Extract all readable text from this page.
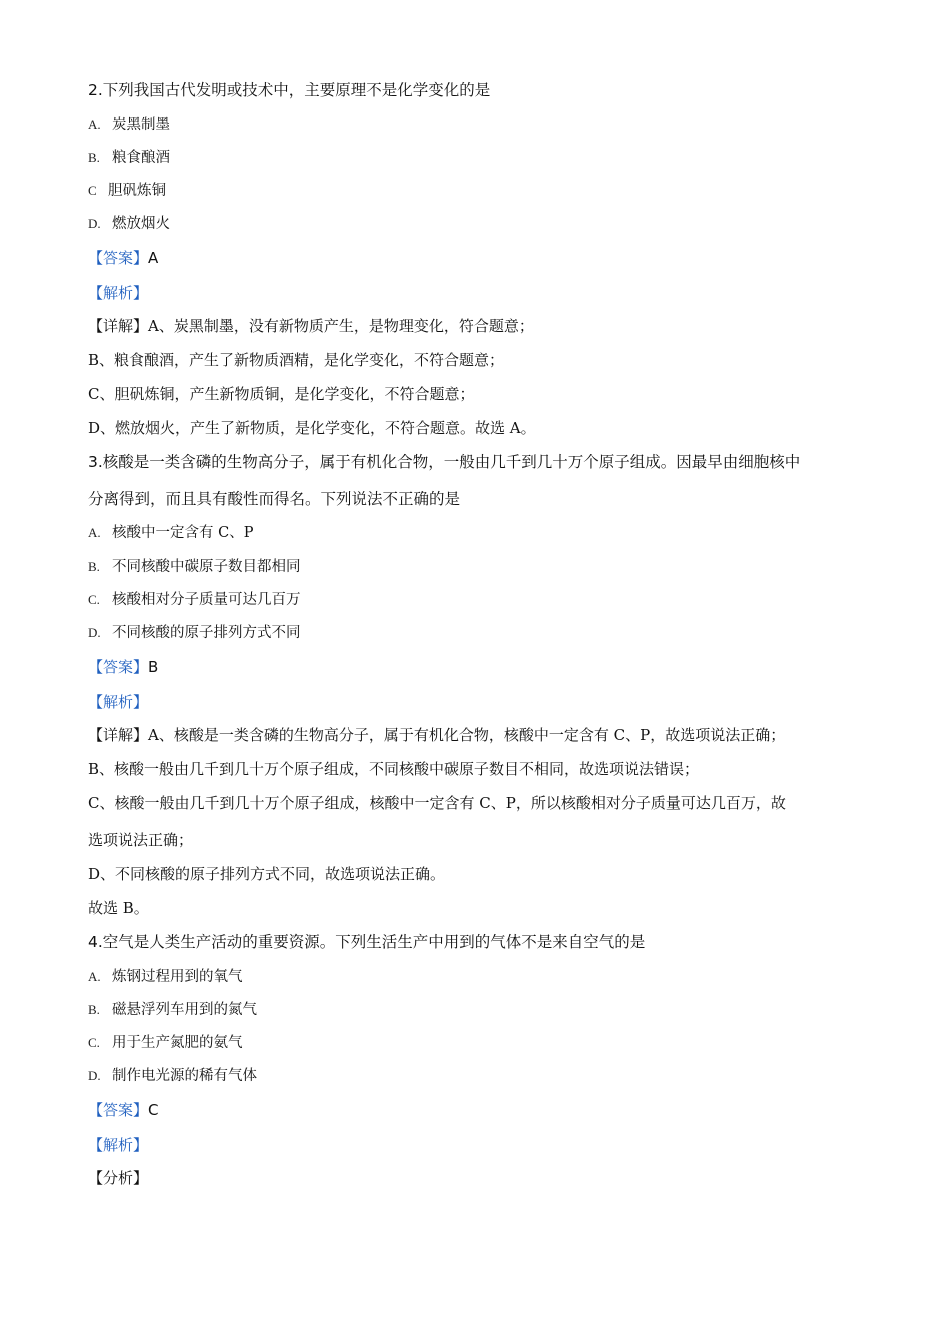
2.下列我国古代发明或技术中，主要原理不是化学变化的是
A. 炭黑制墨
B. 粮食酿酒
C 胆矾炼铜
D. 燃放烟火
【答案】A
【解析】
【详解】A、炭黑制墨，没有新物质产生，是物理变化，符合题意；
B、粮食酿酒，产生了新物质酒精，是化学变化，不符合题意；
C、胆矾炼铜，产生新物质铜，是化学变化，不符合题意；
D、燃放烟火，产生了新物质，是化学变化，不符合题意。故选 A。
3.核酸是一类含磷的生物高分子，属于有机化合物，一般由几千到几十万个原子组成。因最早由细胞核中
分离得到，而且具有酸性而得名。下列说法不正确的是
A. 核酸中一定含有 C、P
B. 不同核酸中碳原子数目都相同
C. 核酸相对分子质量可达几百万
D. 不同核酸的原子排列方式不同
【答案】B
【解析】
【详解】A、核酸是一类含磷的生物高分子，属于有机化合物，核酸中一定含有 C、P，故选项说法正确；
B、核酸一般由几千到几十万个原子组成，不同核酸中碳原子数目不相同，故选项说法错误；
C、核酸一般由几千到几十万个原子组成，核酸中一定含有 C、P，所以核酸相对分子质量可达几百万，故
选项说法正确；
D、不同核酸的原子排列方式不同，故选项说法正确。
故选 B。
4.空气是人类生产活动的重要资源。下列生活生产中用到的气体不是来自空气的是
A. 炼钢过程用到的氧气
B. 磁悬浮列车用到的氮气
C. 用于生产氮肥的氨气
D. 制作电光源的稀有气体
【答案】C
【解析】
【分析】
